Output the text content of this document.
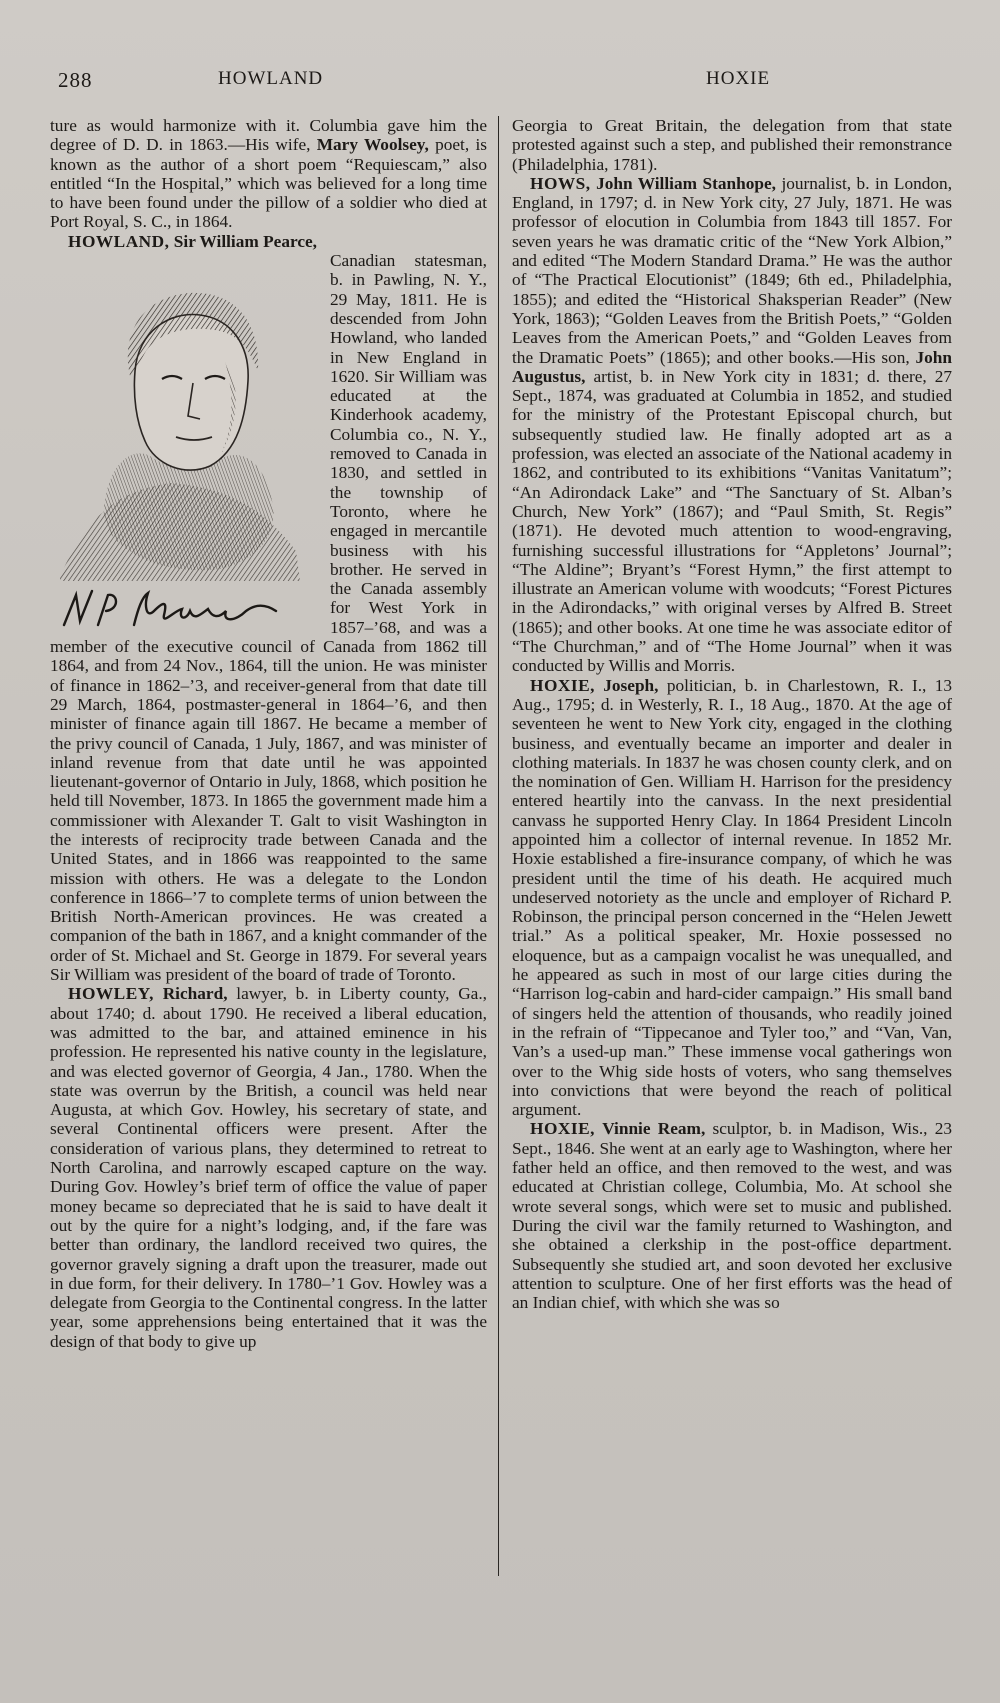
288	HOWLAND	HOXIE

ture as would harmonize with it. Columbia gave him the degree of D. D. in 1863.—His wife, Mary Woolsey, poet, is known as the author of a short poem “Requiescam,” also entitled “In the Hospital,” which was believed for a long time to have been found under the pillow of a soldier who died at Port Royal, S. C., in 1864.

HOWLAND, Sir William Pearce,

Canadian statesman, b. in Pawling, N. Y., 29 May, 1811. He is descended from John Howland, who landed in New England in 1620. Sir William was educated at the Kinderhook academy, Columbia co., N. Y., removed to Canada in 1830, and settled in the township of Toronto, where he engaged in mercantile business with his brother. He served in the Canada assembly for West York in 1857–’68, and was a member of the executive council of Canada from 1862 till 1864, and from 24 Nov., 1864, till the union. He was minister of finance in 1862–’3, and receiver-general from that date till 29 March, 1864, postmaster-general in 1864–’6, and then minister of finance again till 1867. He became a member of the privy council of Canada, 1 July, 1867, and was minister of inland revenue from that date until he was appointed lieutenant-governor of Ontario in July, 1868, which position he held till November, 1873. In 1865 the government made him a commissioner with Alexander T. Galt to visit Washington in the interests of reciprocity trade between Canada and the United States, and in 1866 was reappointed to the same mission with others. He was a delegate to the London conference in 1866–’7 to complete terms of union between the British North-American provinces. He was created a companion of the bath in 1867, and a knight commander of the order of St. Michael and St. George in 1879. For several years Sir William was president of the board of trade of Toronto.

HOWLEY, Richard, lawyer, b. in Liberty county, Ga., about 1740; d. about 1790. He received a liberal education, was admitted to the bar, and attained eminence in his profession. He represented his native county in the legislature, and was elected governor of Georgia, 4 Jan., 1780. When the state was overrun by the British, a council was held near Augusta, at which Gov. Howley, his secretary of state, and several Continental officers were present. After the consideration of various plans, they determined to retreat to North Carolina, and narrowly escaped capture on the way. During Gov. Howley’s brief term of office the value of paper money became so depreciated that he is said to have dealt it out by the quire for a night’s lodging, and, if the fare was better than ordinary, the landlord received two quires, the governor gravely signing a draft upon the treasurer, made out in due form, for their delivery. In 1780–’1 Gov. Howley was a delegate from Georgia to the Continental congress. In the latter year, some apprehensions being entertained that it was the design of that body to give up

Georgia to Great Britain, the delegation from that state protested against such a step, and published their remonstrance (Philadelphia, 1781).

HOWS, John William Stanhope, journalist, b. in London, England, in 1797; d. in New York city, 27 July, 1871. He was professor of elocution in Columbia from 1843 till 1857. For seven years he was dramatic critic of the “New York Albion,” and edited “The Modern Standard Drama.” He was the author of “The Practical Elocutionist” (1849; 6th ed., Philadelphia, 1855); and edited the “Historical Shaksperian Reader” (New York, 1863); “Golden Leaves from the British Poets,” “Golden Leaves from the American Poets,” and “Golden Leaves from the Dramatic Poets” (1865); and other books.—His son, John Augustus, artist, b. in New York city in 1831; d. there, 27 Sept., 1874, was graduated at Columbia in 1852, and studied for the ministry of the Protestant Episcopal church, but subsequently studied law. He finally adopted art as a profession, was elected an associate of the National academy in 1862, and contributed to its exhibitions “Vanitas Vanitatum”; “An Adirondack Lake” and “The Sanctuary of St. Alban’s Church, New York” (1867); and “Paul Smith, St. Regis” (1871). He devoted much attention to wood-engraving, furnishing successful illustrations for “Appletons’ Journal”; “The Aldine”; Bryant’s “Forest Hymn,” the first attempt to illustrate an American volume with woodcuts; “Forest Pictures in the Adirondacks,” with original verses by Alfred B. Street (1865); and other books. At one time he was associate editor of “The Churchman,” and of “The Home Journal” when it was conducted by Willis and Morris.

HOXIE, Joseph, politician, b. in Charlestown, R. I., 13 Aug., 1795; d. in Westerly, R. I., 18 Aug., 1870. At the age of seventeen he went to New York city, engaged in the clothing business, and eventually became an importer and dealer in clothing materials. In 1837 he was chosen county clerk, and on the nomination of Gen. William H. Harrison for the presidency entered heartily into the canvass. In the next presidential canvass he supported Henry Clay. In 1864 President Lincoln appointed him a collector of internal revenue. In 1852 Mr. Hoxie established a fire-insurance company, of which he was president until the time of his death. He acquired much undeserved notoriety as the uncle and employer of Richard P. Robinson, the principal person concerned in the “Helen Jewett trial.” As a political speaker, Mr. Hoxie possessed no eloquence, but as a campaign vocalist he was unequalled, and he appeared as such in most of our large cities during the “Harrison log-cabin and hard-cider campaign.” His small band of singers held the attention of thousands, who readily joined in the refrain of “Tippecanoe and Tyler too,” and “Van, Van, Van’s a used-up man.” These immense vocal gatherings won over to the Whig side hosts of voters, who sang themselves into convictions that were beyond the reach of political argument.

HOXIE, Vinnie Ream, sculptor, b. in Madison, Wis., 23 Sept., 1846. She went at an early age to Washington, where her father held an office, and then removed to the west, and was educated at Christian college, Columbia, Mo. At school she wrote several songs, which were set to music and published. During the civil war the family returned to Washington, and she obtained a clerkship in the post-office department. Subsequently she studied art, and soon devoted her exclusive attention to sculpture. One of her first efforts was the head of an Indian chief, with which she was so
